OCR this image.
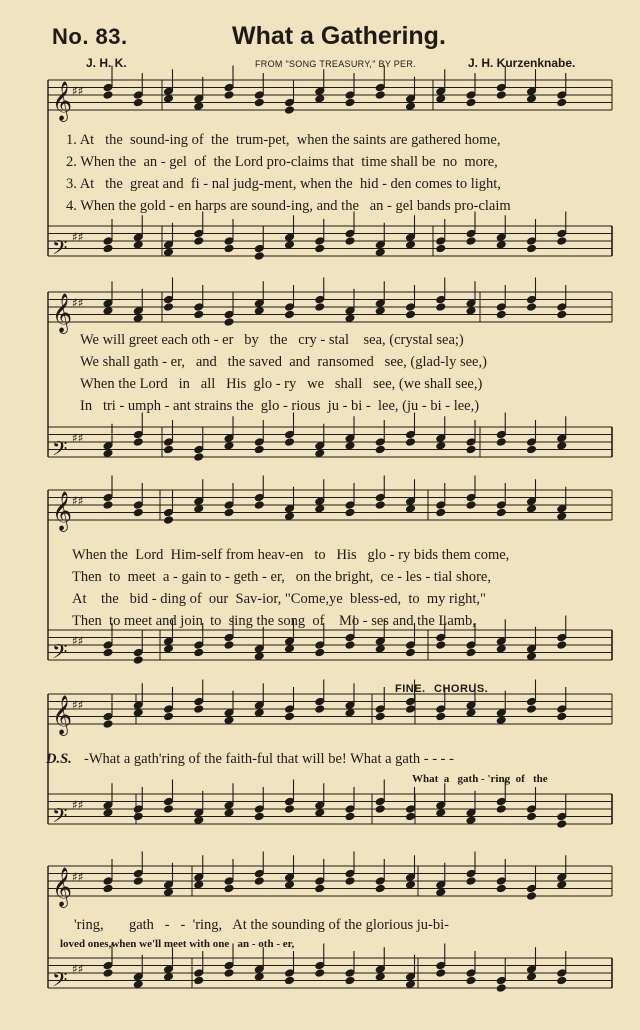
No. 83.	What a Gathering.
J. H. K.	FROM "SONG TREASURY," BY PER.	J. H. Kurzenknabe.
𝄞 ♯♯
𝄢 ♯♯
𝄞 ♯♯
𝄢 ♯♯
𝄞 ♯♯
𝄢 ♯♯
𝄞 ♯♯
𝄢 ♯♯
𝄞 ♯♯
𝄢 ♯♯
1. At   the  sound-ing of  the  trum-pet,  when the saints are gathered home,
2. When the  an - gel  of  the Lord pro-claims that  time shall be  no  more,
3. At   the  great and  fi - nal judg-ment, when the  hid - den comes to light,
4. When the gold - en harps are sound-ing, and the   an - gel bands pro-claim
We will greet each oth - er   by   the   cry - stal    sea, (crystal sea;)
We shall gath - er,   and   the saved  and  ransomed   see, (glad-ly see,)
When the Lord   in   all   His  glo - ry   we   shall   see, (we shall see,)
In   tri - umph - ant strains the  glo - rious  ju - bi -  lee, (ju - bi - lee,)
When the  Lord  Him-self from heav-en   to   His   glo - ry bids them come,
Then  to  meet  a - gain to - geth - er,   on the bright,  ce - les - tial shore,
At    the   bid - ding of  our  Sav-ior, "Come,ye  bless-ed,  to  my right,"
Then  to meet and join  to  sing the song  of    Mo - ses and the Lamb,
FINE. CHORUS.
D.S. -What a gath'ring of the faith-ful that will be! What a gath - - - -
What  a   gath - 'ring  of   the
'ring,       gath   -   -  'ring,   At the sounding of the glorious ju-bi-
loved ones,when we'll meet with one   an - oth - er,
